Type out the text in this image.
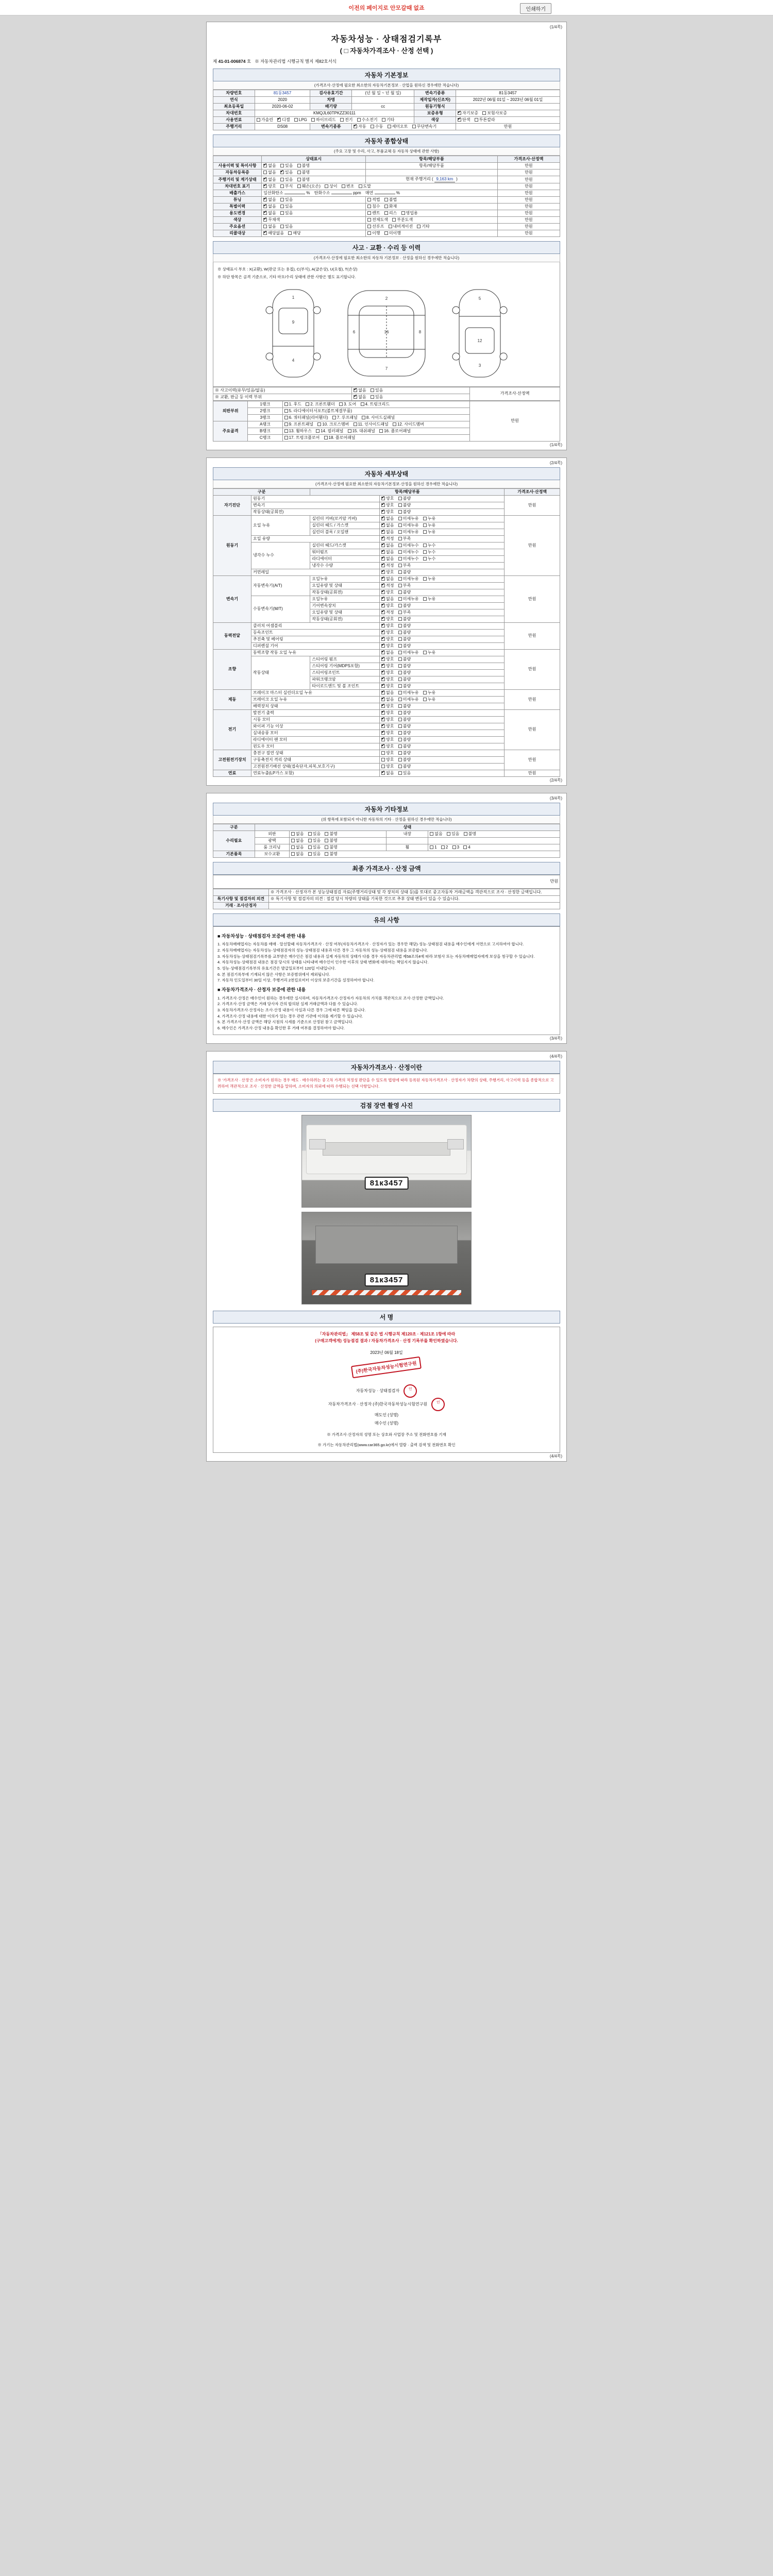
이전의 페이지로 안모갈때 없죠	인쇄하기
(1/4쪽)
자동차성능 · 상태점검기록부
( □ 자동차가격조사 · 산정 선택 )
제 41-01-006874 호 ※ 자동차관리법 시행규칙 별지 제82호서식
자동차 기본정보
(가격조사·산정에 필요한 최소한의 자동차기본정보 · 산업을 원하신 경우에만 적습니다)
차량번호	81동3457	검사유효기간	(년 월 일 ~ 년 월 일)	변속기종류	81동3457
연식	2020	차명		제작일자(신조차)	2022년 06월 01일 ~ 2023년 06월 01일
최초등록일	2020-06-02	배기량	cc	원동기형식	
차대번호	KMQJL60TPKZZ30111			보증유형	✔자기보증 보험사보증
사용연료	가솔린 ✔ 디젤 LPG 하이브리드 전기 수소전기 기타			색상	✔단색 투톤칼라
주행거리	DS08	변속기종류	✔자동 수동 세미오토 무단변속기		만원
자동차 종합상태
(주요 고장 및 수리, 사고, 부품교체 등 자동차 상태에 관한 사항)
	상태표시	항목/해당부품	가격조사·산정액
사용이력 및 특이사항	✔없음 있음 불명	항목/해당부품	만원
자동차등록증	없음 ✔ 있음 불명		만원
주행거리 및 계기상태	✔없음 있음 불명	현재 주행거리 ( 9,163 km )	만원
차대번호 표기	✔양호 부식 훼손(오손) 상이 변조 도말		만원
배출가스	일산화탄소 % 탄화수소 ppm 매연 %		만원
튜닝	✔없음 있음	적법 불법	만원
특별이력	✔없음 있음	침수 화재	만원
용도변경	✔없음 있음	렌트 리스 영업용	만원
색상	✔무채색	전체도색 부분도색	만원
주요옵션	없음 있음	선루프 내비게이션 기타	만원
리콜대상	✔해당없음 해당	이행 미이행	만원
사고 · 교환 · 수리 등 이력
(가격조사·산정에 필요한 최소한의 자동차 기본정보 · 산정을 원하신 경우에만 적습니다)
※ 상태표시 부호 : X(교환), W(판금 또는 용접), C(부식), A(굽손상), U(요철), T(손상)
※ 하단 항목은 골격 기준으로, 기타 마모/수리 상태에 관한 사항은 별도 표기합니다.
1
9
4
2
16
7
6	8
5
12
3
※ 사고이력(유무/있음/없음)	✔없음 있음	가격조사·산정액
※ 교환, 판금 등 이력 부위	✔없음 있음
외판부위	1랭크	1. 후드 2. 프론트휀더 3. 도어 4. 트렁크리드	만원
	2랭크	5. 라디에이터서포트(볼트체결부품)	
	3랭크	6. 쿼터패널(리어휀더) 7. 루프패널 8. 사이드실패널	
주요골격	A랭크	9. 프론트패널 10. 크로스멤버 11. 인사이드패널 12. 사이드멤버	
	B랭크	13. 휠하우스 14. 필러패널 15. 대쉬패널 16. 플로어패널	
	C랭크	17. 트렁크플로어 18. 플로어패널	
(1/4쪽)
(2/4쪽)
자동차 세부상태
(가격조사·산정에 필요한 최소한의 자동차기본정보·산정을 원하신 경우에만 적습니다)
구분		항목/해당부품		가격조사·산정액
자기진단	원동기	✔양호 불량	만원
	변속기	✔양호 불량
	작동상태(공회전)	✔양호 불량
원동기	오일 누유	실린더 커버(로커암 커버)	✔없음 미세누유 누유	만원
		실린더 헤드 / 가스켓	✔없음 미세누유 누유
		실린더 블록 / 오일팬	✔없음 미세누유 누유
	오일 유량	✔적정 부족
	냉각수 누수	실린더 헤드/가스켓	✔없음 미세누수 누수
		워터펌프	✔없음 미세누수 누수
		라디에이터	✔없음 미세누수 누수
		냉각수 수량	✔적정 부족
	커먼레일	✔양호 불량
변속기	자동변속기(A/T)	오일누유	✔없음 미세누유 누유	만원
		오일유량 및 상태	✔적정 부족
		작동상태(공회전)	✔양호 불량
	수동변속기(M/T)	오일누유	✔없음 미세누유 누유
		기어변속장치	✔양호 불량
		오일유량 및 상태	✔적정 부족
		작동상태(공회전)	✔양호 불량
동력전달	클러치 어셈블리	✔양호 불량	만원
	등속조인트	✔양호 불량
	추진축 및 베어링	✔양호 불량
	디퍼렌셜 기어	✔양호 불량
조향	동력조향 작동 오일 누유	✔없음 미세누유 누유	만원
	작동상태	스티어링 펌프	✔양호 불량
		스티어링 기어(MDPS포함)	✔양호 불량
		스티어링조인트	✔양호 불량
		파워크랭크암	✔양호 불량
		타이로드엔드 및 볼 조인트	✔양호 불량
제동	브레이크 마스터 실린더오일 누유	✔없음 미세누유 누유	만원
	브레이크 오일 누유	✔없음 미세누유 누유
	배력장치 상태	✔양호 불량
전기	발전기 출력	✔양호 불량	만원
	시동 모터	✔양호 불량
	와이퍼 기능 이상	✔양호 불량
	실내송풍 모터	✔양호 불량
	라디에이터 팬 모터	✔양호 불량
	윈도우 모터	✔양호 불량
고전원전기장치	충전구 절연 상태		양호 불량	만원
	구동축전지 격리 상태		양호 불량	
	고전원전기배선 상태(접속단자,피복,보호기구)		양호 불량	
연료	연료누출(LP가스 포함)	✔없음 있음	만원
(2/4쪽)
(3/4쪽)
자동차 기타정보
(위 항목에 포함되지 아니한 자동차의 기타 · 산정을 원하신 경우에만 적습니다)
구분	상태			
수리필요	외판	없음 있음 불명	내장	없음 있음 불명
	광택	없음 있음 불명		
	룸 크리닝	없음 있음 불명	휠	1 2 3 4
기본품목	보수교환	없음 있음 불명		
최종 가격조사 · 산정 금액
만원
	※ 가격조사 · 산정자가 본 성능상태점검 자료(주행거리상태 및 각 장치의 상태 등)를 토대로 중고자동차 거래금액을 객관적으로 조사 · 산정한 금액입니다.
특기사항 및 점검자의 의견	※ 특기사항 및 점검자의 의견 : 점검 당시 차량의 상태를 기록한 것으로 추후 상태 변동이 있을 수 있습니다.
거래 · 조사산정자	
유의 사항
■ 자동차성능 · 상태점검자 보증에 관한 내용
1. 자동차매매업자는 자동차를 매매 · 알선할때 자동차가격조사 · 산정 여부(자동차가격조사 · 산정자가 있는 경우만 해당)·성능·상태점검 내용을 매수인에게 서면으로 고지하여야 합니다.
2. 자동차매매업자는 자동차성능·상태점검자의 성능·상태점검 내용과 다른 경우 그 자동차의 성능·상태점검 내용을 보증합니다.
3. 자동차성능·상태점검기록부를 교부받은 매수인은 점검 내용과 실제 자동차의 상태가 다를 경우 자동차관리법 제58조의4에 따라 보험사 또는 자동차매매업자에게 보상을 청구할 수 있습니다.
4. 자동차성능·상태점검 내용은 점검 당시의 상태를 나타내며 매수인이 인수한 이후의 상태 변화에 대하여는 책임지지 않습니다.
5. 성능·상태점검기록부의 유효기간은 발급일로부터 120일 이내입니다.
6. 본 점검기록부에 기재되지 않은 사항은 보증범위에서 제외됩니다.
7. 자동차 인도일부터 30일 이상, 주행거리 2천킬로미터 이상의 보증기간을 설정하여야 합니다.
■ 자동차가격조사 · 산정자 보증에 관한 내용
1. 가격조사·산정은 매수인이 원하는 경우에만 실시하며, 자동차가격조사·산정자가 자동차의 가치를 객관적으로 조사·산정한 금액입니다.
2. 가격조사·산정 금액은 거래 당사자 간의 합의된 실제 거래금액과 다를 수 있습니다.
3. 자동차가격조사·산정자는 조사·산정 내용이 사실과 다른 경우 그에 따른 책임을 집니다.
4. 가격조사·산정 내용에 대한 이의가 있는 경우 관련 기관에 이의를 제기할 수 있습니다.
5. 본 가격조사·산정 금액은 해당 시점의 시세를 기준으로 산정된 참고 금액입니다.
6. 매수인은 가격조사·산정 내용을 확인한 후 거래 여부를 결정하여야 합니다.
(3/4쪽)
(4/4쪽)
자동차가격조사 · 산정이란
※ '가격조사 · 산정'은 소비자가 원하는 경우 매도 · 매수하려는 중고차 가격의 적정성 판단을 수 있도록 법령에 따라 등록된 자동차가격조사 · 산정자가 차량의 상태, 주행거리, 사고이력 등을 종합적으로 고려하여 객관적으로 조사 · 산정한 금액을 말하며, 소비자의 의뢰에 따라 수행되는 선택 사항입니다.
검점 장면 촬영 사진
81к3457
81к3457
서 명
「자동차관리법」 제58조 및 같은 법 시행규칙 제120조 · 제121조 1항에 따라
(구매고객에게) 성능점검 결과 / 자동차가격조사 · 산정 기록부를 확인하였습니다.
2023년 06월 18일
(주)한국자동차성능시험연구원
자동차성능 · 상태점검자	인
자동차가격조사 · 산정자 (주)한국자동차성능시험연구원	인
매도인 (성명)
매수인 (성명)
※ 가격조사·산정자의 성명 또는 상호와 사업장 주소 및 전화번호를 기재
※ 가기는 자동차관리법(www.car365.go.kr)에서 열람 · 출력 검색 및 전화번호 확인
(4/4쪽)
